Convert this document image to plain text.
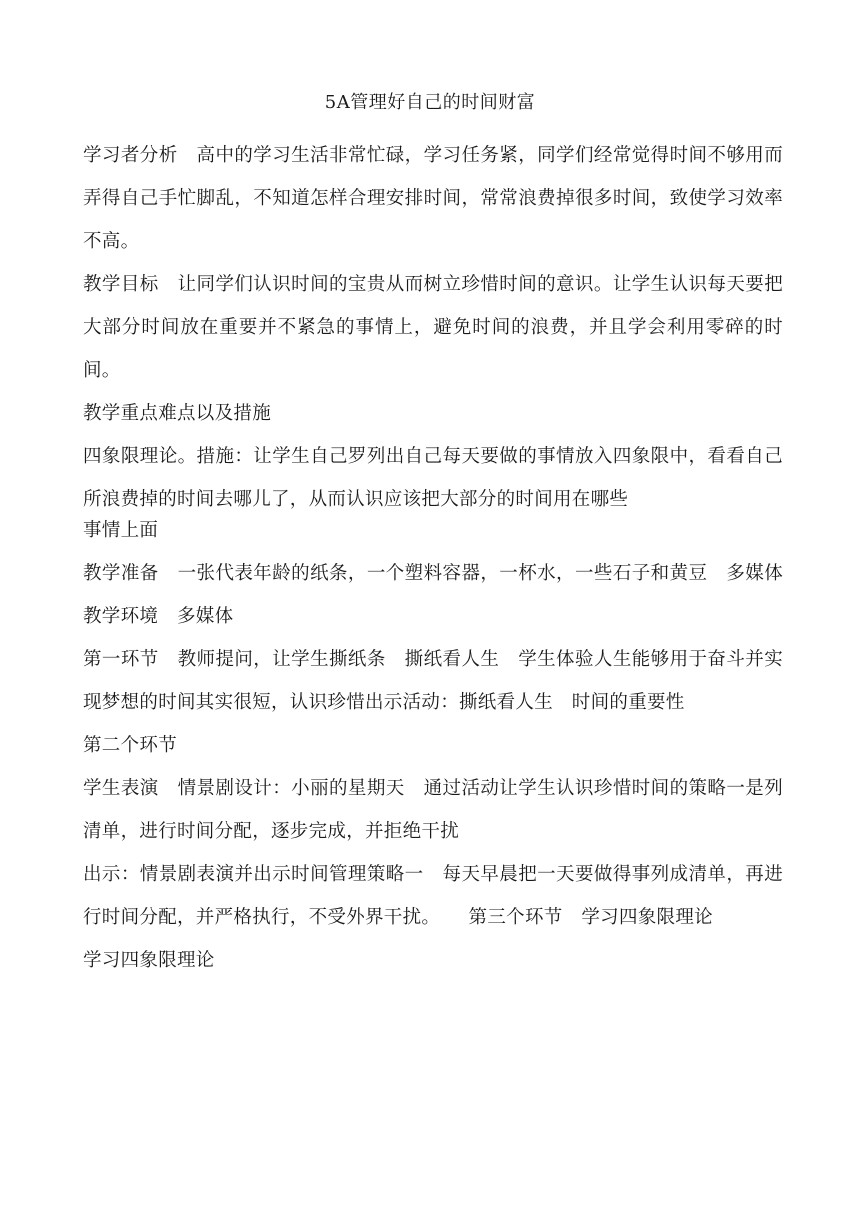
5A管理好自己的时间财富

学习者分析　高中的学习生活非常忙碌，学习任务紧，同学们经常觉得时间不够用而弄得自己手忙脚乱，不知道怎样合理安排时间，常常浪费掉很多时间，致使学习效率不高。

教学目标　让同学们认识时间的宝贵从而树立珍惜时间的意识。让学生认识每天要把大部分时间放在重要并不紧急的事情上，避免时间的浪费，并且学会利用零碎的时间。

教学重点难点以及措施

四象限理论。措施：让学生自己罗列出自己每天要做的事情放入四象限中，看看自己所浪费掉的时间去哪儿了，从而认识应该把大部分的时间用在哪些

事情上面

教学准备　一张代表年龄的纸条，一个塑料容器，一杯水，一些石子和黄豆　多媒体教学环境　多媒体

第一环节　教师提问，让学生撕纸条　撕纸看人生　学生体验人生能够用于奋斗并实现梦想的时间其实很短，认识珍惜出示活动：撕纸看人生　时间的重要性

第二个环节

学生表演　情景剧设计：小丽的星期天　通过活动让学生认识珍惜时间的策略一是列清单，进行时间分配，逐步完成，并拒绝干扰

出示：情景剧表演并出示时间管理策略一　每天早晨把一天要做得事列成清单，再进行时间分配，并严格执行，不受外界干扰。　　第三个环节　学习四象限理论

学习四象限理论
